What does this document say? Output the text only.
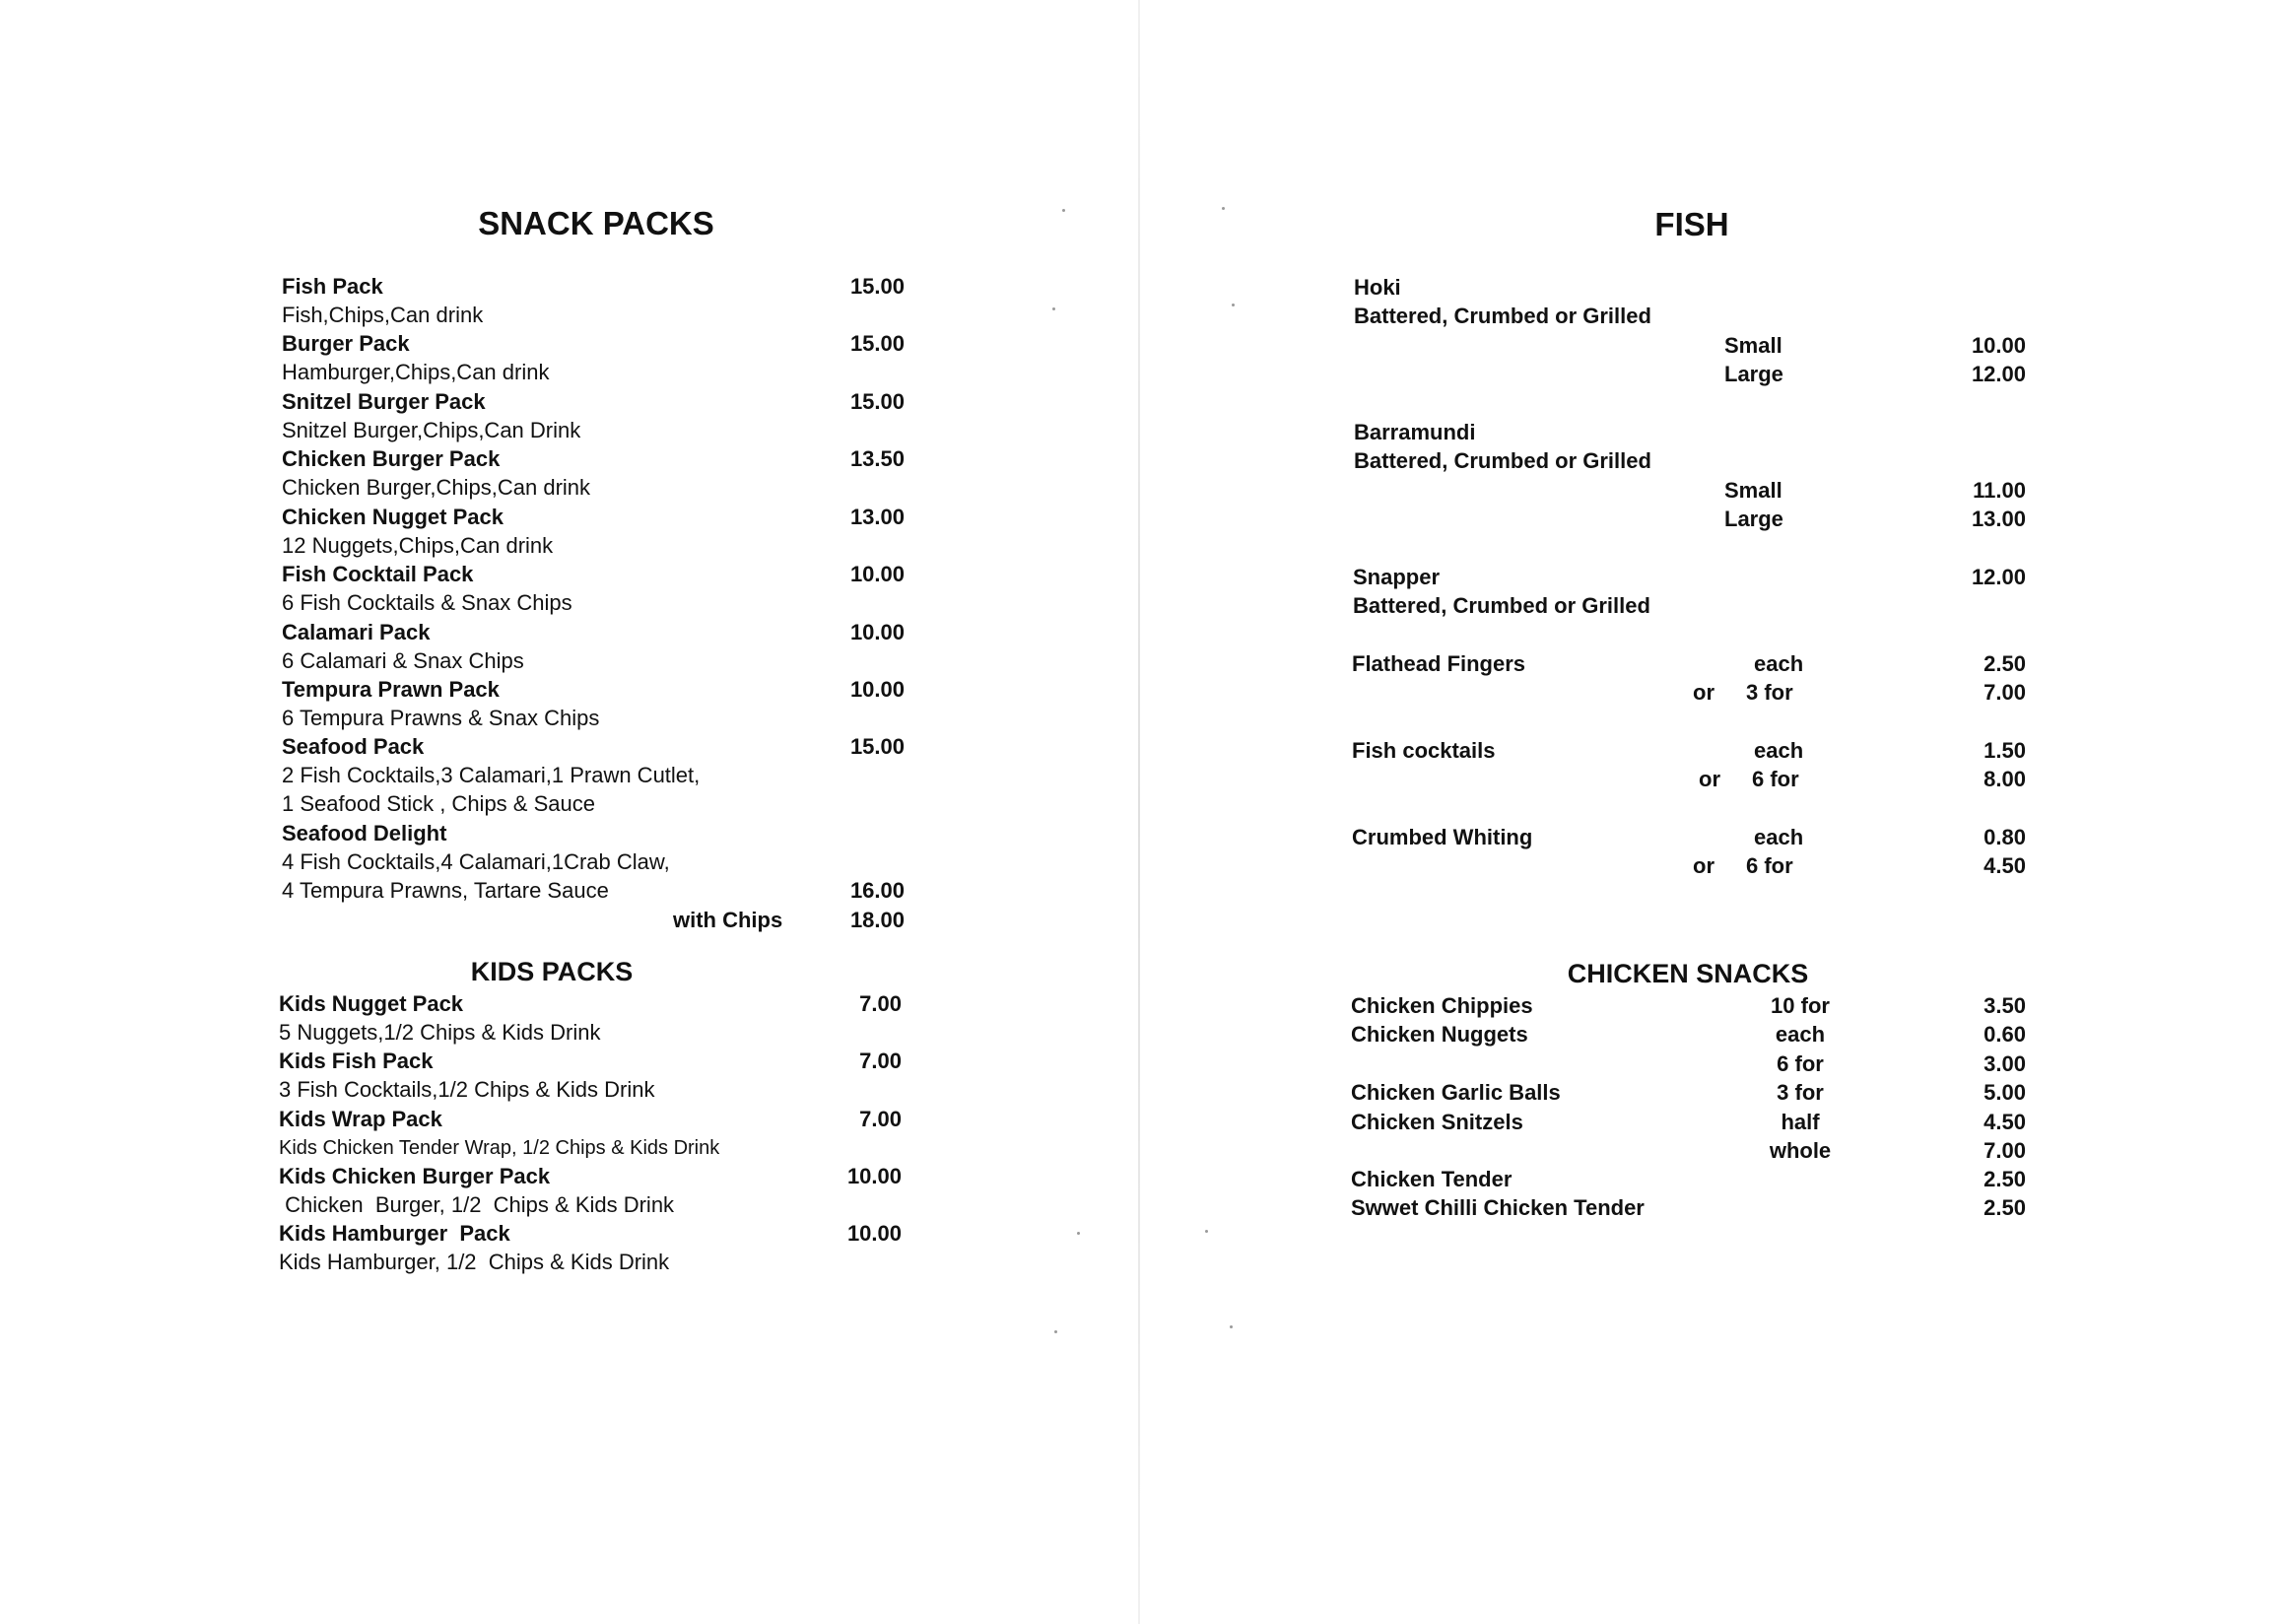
SNACK PACKS
Fish Pack	15.00
Fish,Chips,Can drink
Burger Pack	15.00
Hamburger,Chips,Can drink
Snitzel Burger Pack	15.00
Snitzel Burger,Chips,Can Drink
Chicken Burger Pack	13.50
Chicken Burger,Chips,Can drink
Chicken Nugget Pack	13.00
12 Nuggets,Chips,Can drink
Fish Cocktail Pack	10.00
6 Fish Cocktails & Snax Chips
Calamari Pack	10.00
6 Calamari & Snax Chips
Tempura Prawn Pack	10.00
6 Tempura Prawns & Snax Chips
Seafood Pack	15.00
2 Fish Cocktails,3 Calamari,1 Prawn Cutlet,
1 Seafood Stick , Chips & Sauce
Seafood Delight
4 Fish Cocktails,4 Calamari,1Crab Claw,
4 Tempura Prawns, Tartare Sauce	16.00
with Chips	18.00
KIDS PACKS
Kids Nugget Pack	7.00
5 Nuggets,1/2 Chips & Kids Drink
Kids Fish Pack	7.00
3 Fish Cocktails,1/2 Chips & Kids Drink
Kids Wrap Pack	7.00
Kids Chicken Tender Wrap, 1/2 Chips & Kids Drink
Kids Chicken Burger Pack	10.00
Chicken  Burger, 1/2  Chips & Kids Drink
Kids Hamburger  Pack	10.00
Kids Hamburger, 1/2  Chips & Kids Drink
FISH
Hoki
Battered, Crumbed or Grilled
Small	10.00
Large	12.00
Barramundi
Battered, Crumbed or Grilled
Small	11.00
Large	13.00
Snapper	12.00
Battered, Crumbed or Grilled
Flathead Fingers	each	2.50
or 3 for	7.00
Fish cocktails	each	1.50
or 6 for	8.00
Crumbed Whiting	each	0.80
or 6 for	4.50
CHICKEN SNACKS
Chicken Chippies	10 for	3.50
Chicken Nuggets	each	0.60
6 for	3.00
Chicken Garlic Balls	3 for	5.00
Chicken Snitzels	half	4.50
whole	7.00
Chicken Tender	2.50
Swwet Chilli Chicken Tender	2.50
